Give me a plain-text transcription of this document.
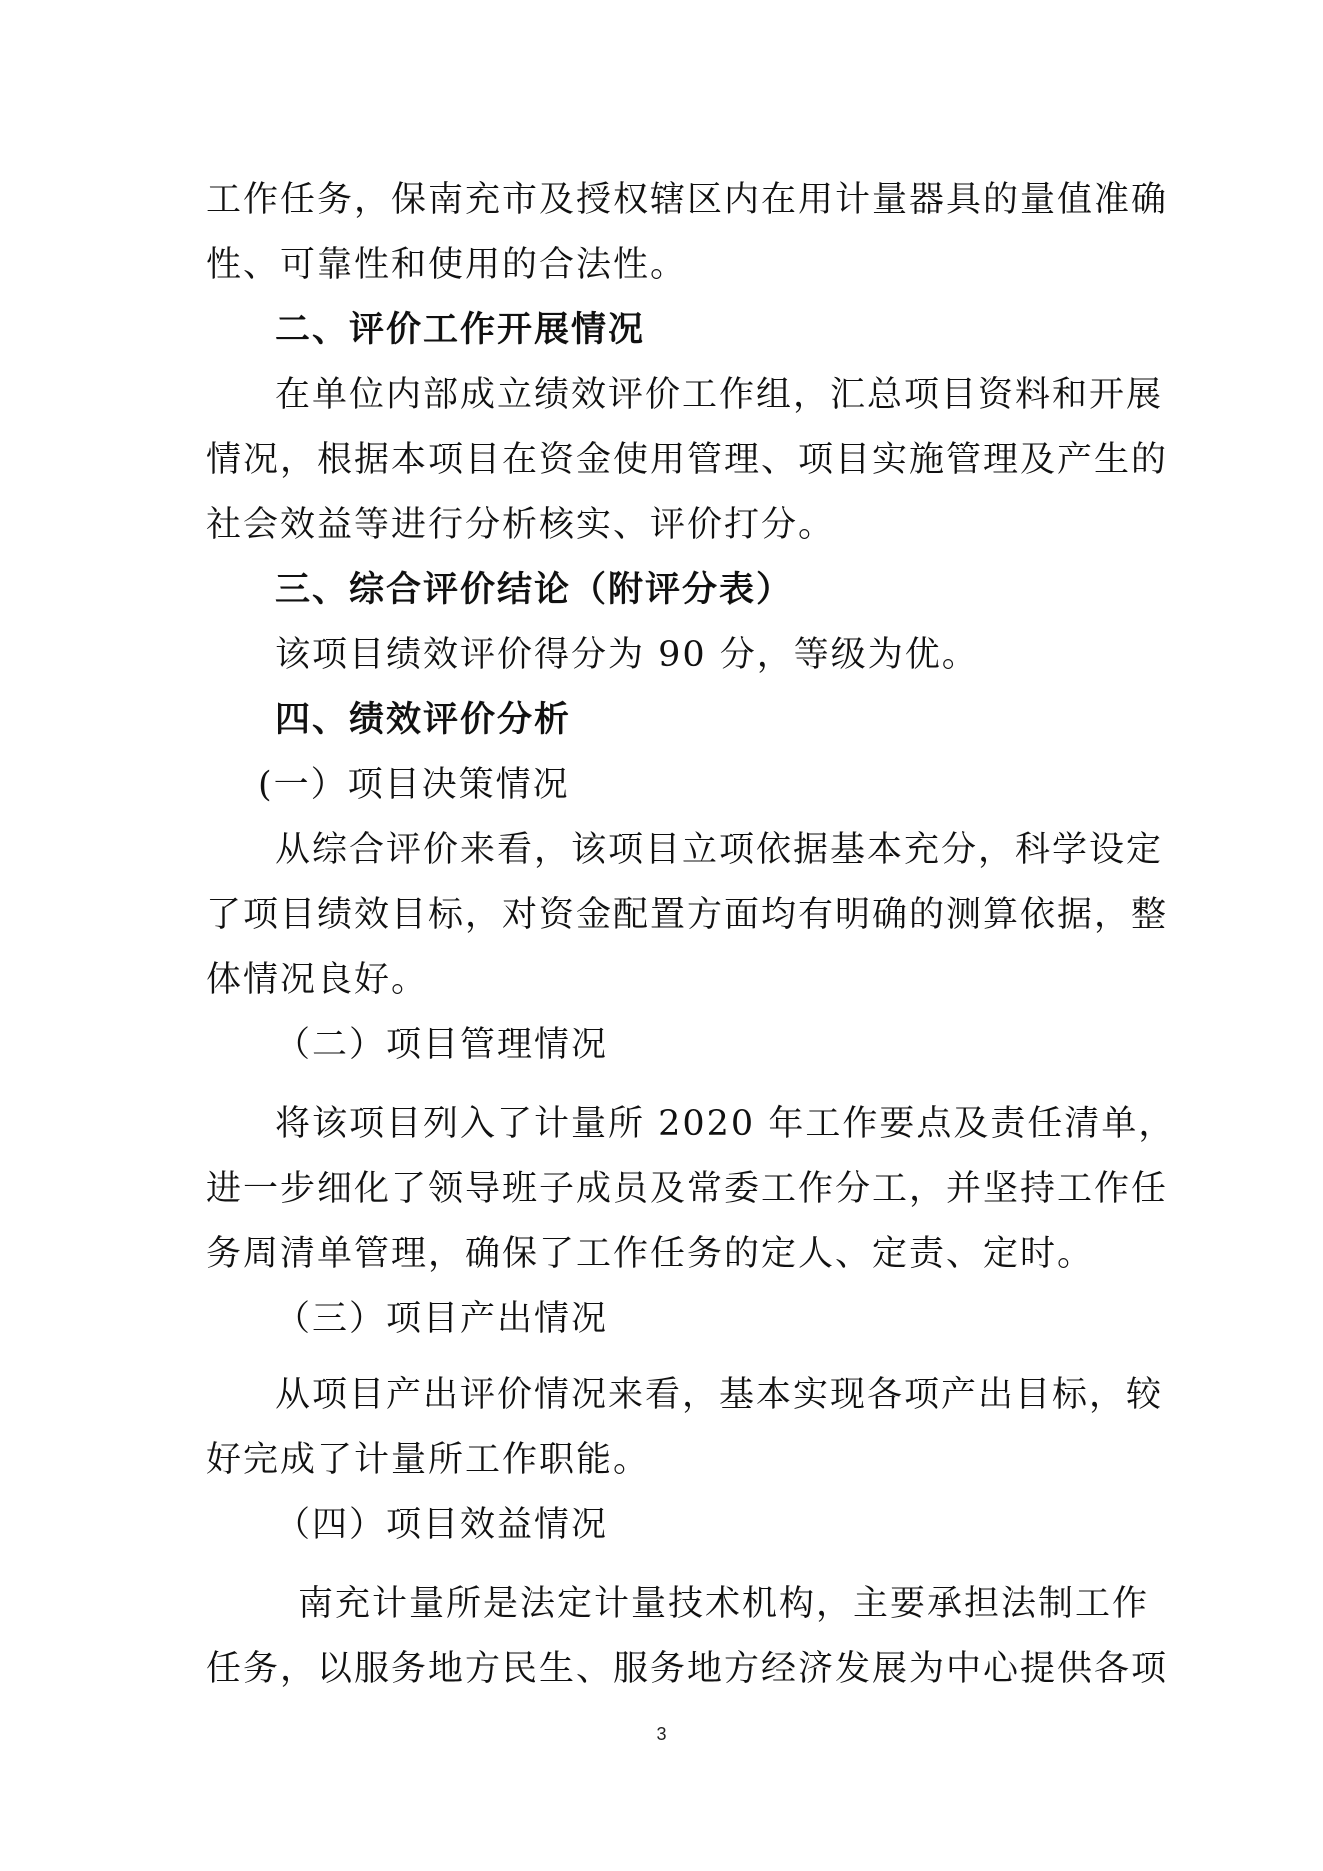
工作任务，保南充市及授权辖区内在用计量器具的量值准确
性、可靠性和使用的合法性。
二、评价工作开展情况
在单位内部成立绩效评价工作组，汇总项目资料和开展
情况，根据本项目在资金使用管理、项目实施管理及产生的
社会效益等进行分析核实、评价打分。
三、综合评价结论（附评分表）
该项目绩效评价得分为 90 分，等级为优。
四、绩效评价分析
(一）项目决策情况
从综合评价来看，该项目立项依据基本充分，科学设定
了项目绩效目标，对资金配置方面均有明确的测算依据，整
体情况良好。
（二）项目管理情况
将该项目列入了计量所 2020 年工作要点及责任清单，
进一步细化了领导班子成员及常委工作分工，并坚持工作任
务周清单管理，确保了工作任务的定人、定责、定时。
（三）项目产出情况
从项目产出评价情况来看，基本实现各项产出目标，较
好完成了计量所工作职能。
（四）项目效益情况
南充计量所是法定计量技术机构，主要承担法制工作
任务，以服务地方民生、服务地方经济发展为中心提供各项
3
